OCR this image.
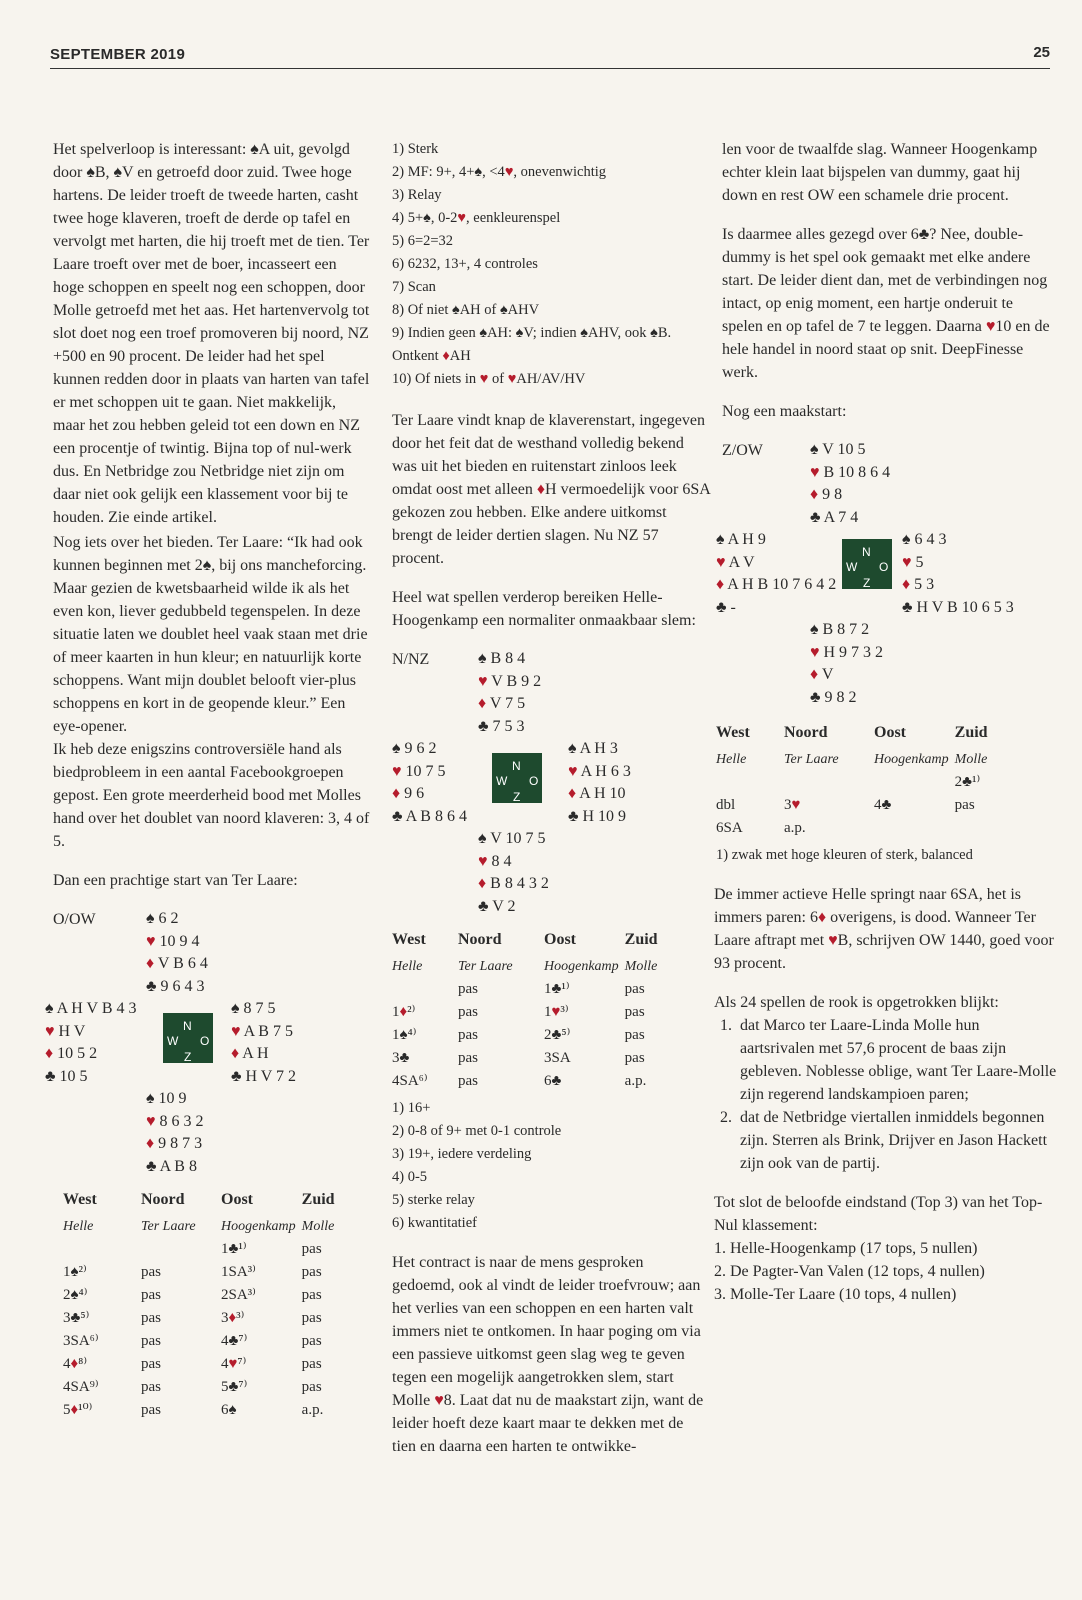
SEPTEMBER 2019	25

Het spelverloop is interessant: ♠A uit, gevolgd door ♠B, ♠V en getroefd door zuid. Twee hoge hartens. De leider troeft de tweede harten, casht twee hoge klaveren, troeft de derde op tafel en vervolgt met harten, die hij troeft met de tien. Ter Laare troeft over met de boer, incasseert een hoge schoppen en speelt nog een schoppen, door Molle getroefd met het aas. Het hartenvervolg tot slot doet nog een troef promoveren bij noord, NZ +500 en 90 procent. De leider had het spel kunnen redden door in plaats van harten van tafel er met schoppen uit te gaan. Niet makkelijk, maar het zou hebben geleid tot een down en NZ een procentje of twintig. Bijna top of nul-werk dus. En Netbridge zou Netbridge niet zijn om daar niet ook gelijk een klassement voor bij te houden. Zie einde artikel.

Nog iets over het bieden. Ter Laare: “Ik had ook kunnen beginnen met 2♠, bij ons mancheforcing. Maar gezien de kwetsbaarheid wilde ik als het even kon, liever gedubbeld tegenspelen. In deze situatie laten we doublet heel vaak staan met drie of meer kaarten in hun kleur; en natuurlijk korte schoppens. Want mijn doublet belooft vier-plus schoppens en kort in de geopende kleur.” Een eye-opener.

Ik heb deze enigszins controversiële hand als biedprobleem in een aantal Facebookgroepen gepost. Een grote meerderheid bood met Molles hand over het doublet van noord klaveren: 3, 4 of 5.

Dan een prachtige start van Ter Laare:

O/OW	♠ 6 2
♥ 10 9 4
♦ V B 6 4
♣ 9 6 4 3
♠ A H V B 4 3
♥ H V
♦ 10 5 2
♣ 10 5
N
W O
Z
♠ 8 7 5
♥ A B 7 5
♦ A H
♣ H V 7 2
♠ 10 9
♥ 8 6 3 2
♦ 9 8 7 3
♣ A B 8
West	Noord	Oost	Zuid
Helle	Ter Laare	Hoogenkamp	Molle
		1♣¹⁾	pas
1♠²⁾	pas	1SA³⁾	pas
2♠⁴⁾	pas	2SA³⁾	pas
3♣⁵⁾	pas	3♦³⁾	pas
3SA⁶⁾	pas	4♣⁷⁾	pas
4♦⁸⁾	pas	4♥⁷⁾	pas
4SA⁹⁾	pas	5♣⁷⁾	pas
5♦¹⁰⁾	pas	6♠	a.p.
1) Sterk
2) MF: 9+, 4+♠, <4♥, onevenwichtig
3) Relay
4) 5+♠, 0-2♥, eenkleurenspel
5) 6=2=32
6) 6232, 13+, 4 controles
7) Scan
8) Of niet ♠AH of ♠AHV
9) Indien geen ♠AH: ♠V; indien ♠AHV, ook ♠B. Ontkent ♦AH
10) Of niets in ♥ of ♥AH/AV/HV

Ter Laare vindt knap de klaverenstart, ingegeven door het feit dat de westhand volledig bekend was uit het bieden en ruitenstart zinloos leek omdat oost met alleen ♦H vermoedelijk voor 6SA gekozen zou hebben. Elke andere uitkomst brengt de leider dertien slagen. Nu NZ 57 procent.

Heel wat spellen verderop bereiken Helle-Hoogenkamp een normaliter onmaakbaar slem:

N/NZ	♠ B 8 4
♥ V B 9 2
♦ V 7 5
♣ 7 5 3
♠ 9 6 2
♥ 10 7 5
♦ 9 6
♣ A B 8 6 4
N
W O
Z
♠ A H 3
♥ A H 6 3
♦ A H 10
♣ H 10 9
♠ V 10 7 5
♥ 8 4
♦ B 8 4 3 2
♣ V 2
West	Noord	Oost	Zuid
Helle	Ter Laare	Hoogenkamp	Molle
	pas	1♣¹⁾	pas
1♦²⁾	pas	1♥³⁾	pas
1♠⁴⁾	pas	2♣⁵⁾	pas
3♣	pas	3SA	pas
4SA⁶⁾	pas	6♣	a.p.
1) 16+
2) 0-8 of 9+ met 0-1 controle
3) 19+, iedere verdeling
4) 0-5
5) sterke relay
6) kwantitatief

Het contract is naar de mens gesproken gedoemd, ook al vindt de leider troefvrouw; aan het verlies van een schoppen en een harten valt immers niet te ontkomen. In haar poging om via een passieve uitkomst geen slag weg te geven tegen een mogelijk aangetrokken slem, start Molle ♥8. Laat dat nu de maakstart zijn, want de leider hoeft deze kaart maar te dekken met de tien en daarna een harten te ontwikke-

len voor de twaalfde slag. Wanneer Hoogenkamp echter klein laat bijspelen van dummy, gaat hij down en rest OW een schamele drie procent.

Is daarmee alles gezegd over 6♣? Nee, double-dummy is het spel ook gemaakt met elke andere start. De leider dient dan, met de verbindingen nog intact, op enig moment, een hartje onderuit te spelen en op tafel de 7 te leggen. Daarna ♥10 en de hele handel in noord staat op snit. DeepFinesse werk.

Nog een maakstart:

Z/OW	♠ V 10 5
♥ B 10 8 6 4
♦ 9 8
♣ A 7 4
♠ A H 9
♥ A V
♦ A H B 10 7 6 4 2
♣ -
N
W O
Z
♠ 6 4 3
♥ 5
♦ 5 3
♣ H V B 10 6 5 3
♠ B 8 7 2
♥ H 9 7 3 2
♦ V
♣ 9 8 2
West	Noord	Oost	Zuid
Helle	Ter Laare	Hoogenkamp	Molle
			2♣¹⁾
dbl	3♥	4♣	pas
6SA	a.p.		
1) zwak met hoge kleuren of sterk, balanced

De immer actieve Helle springt naar 6SA, het is immers paren: 6♦ overigens, is dood. Wanneer Ter Laare aftrapt met ♥B, schrijven OW 1440, goed voor 93 procent.

Als 24 spellen de rook is opgetrokken blijkt:

1. dat Marco ter Laare-Linda Molle hun aartsrivalen met 57,6 procent de baas zijn gebleven. Noblesse oblige, want Ter Laare-Molle zijn regerend landskampioen paren;
2. dat de Netbridge viertallen inmiddels begonnen zijn. Sterren als Brink, Drijver en Jason Hackett zijn ook van de partij.

Tot slot de beloofde eindstand (Top 3) van het Top-Nul klassement:

1. Helle-Hoogenkamp (17 tops, 5 nullen)
2. De Pagter-Van Valen (12 tops, 4 nullen)
3. Molle-Ter Laare (10 tops, 4 nullen)
